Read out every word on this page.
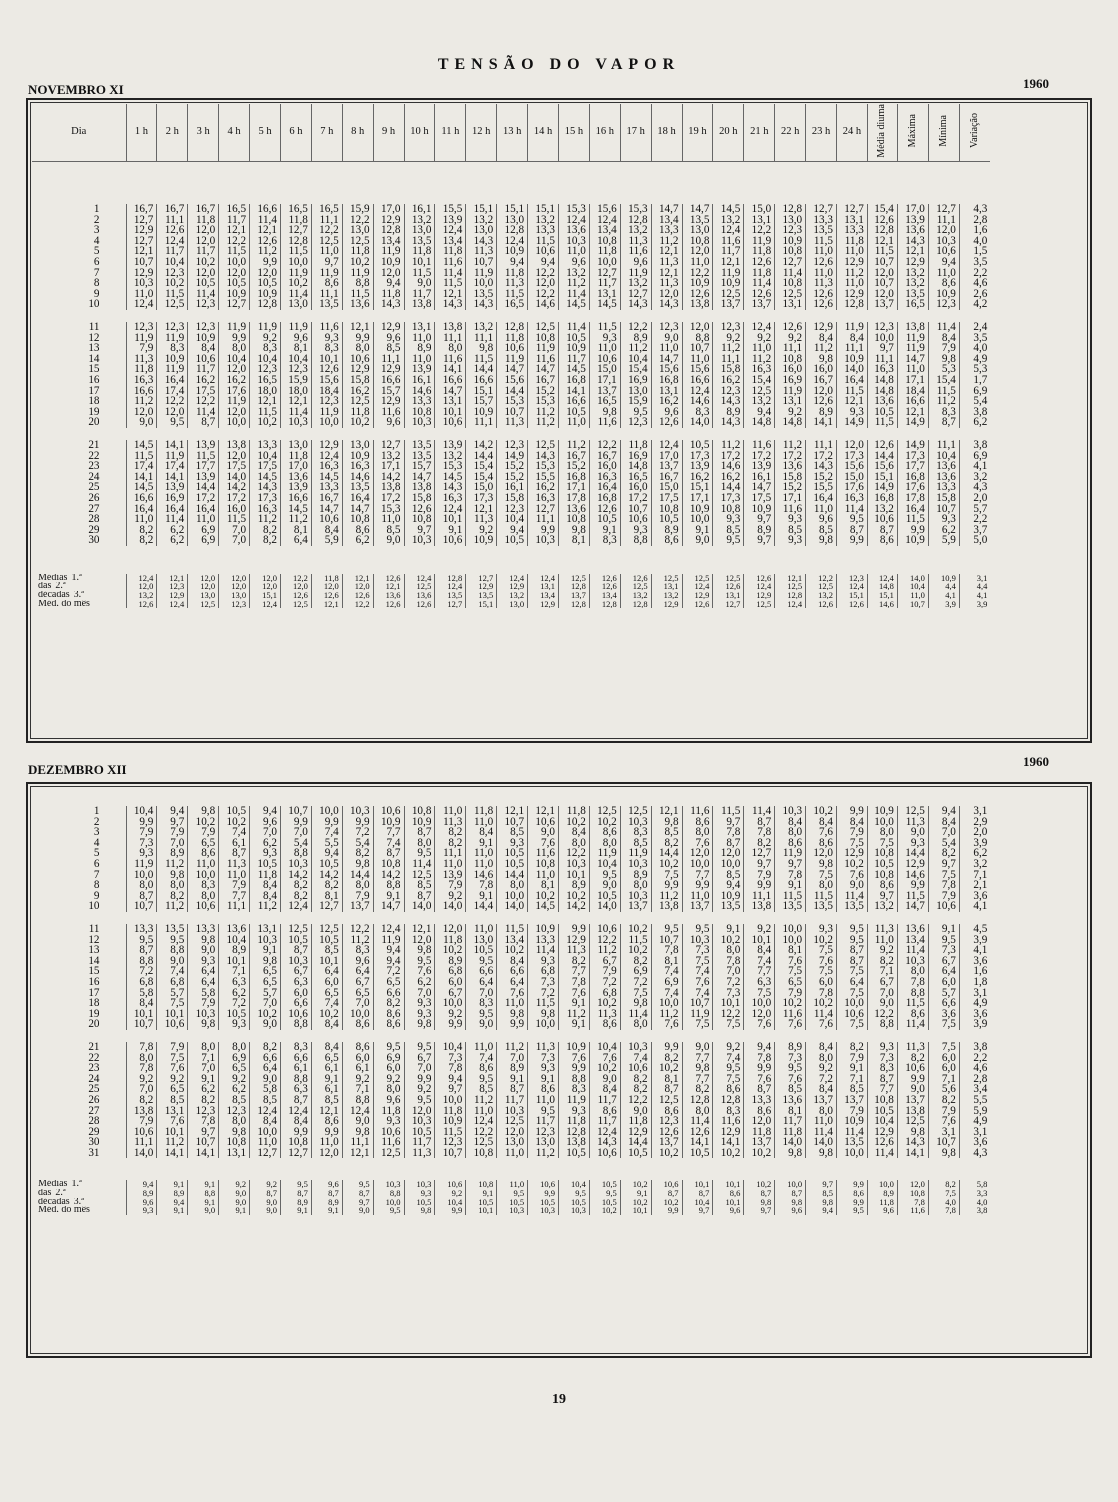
TENSÃO DO VAPOR
NOVEMBRO XI	1960
Dia	1 h	2 h	3 h	4 h	5 h	6 h	7 h	8 h	9 h	10 h	11 h	12 h	13 h	14 h	15 h	16 h	17 h	18 h	19 h	20 h	21 h	22 h	23 h	24 h	Média diurna	Máxima	Mínima	Variação

1	16,7	16,7	16,7	16,5	16,6	16,5	16,5	15,9	17,0	16,1	15,5	15,1	15,1	15,1	15,3	15,6	15,3	14,7	14,7	14,5	15,0	12,8	12,7	12,7	15,4	17,0	12,7	4,3
2	12,7	11,1	11,8	11,7	11,4	11,8	11,1	12,2	12,9	13,2	13,9	13,2	13,0	13,2	12,4	12,4	12,8	13,4	13,5	13,2	13,1	13,0	13,3	13,1	12,6	13,9	11,1	2,8
3	12,9	12,6	12,0	12,1	12,1	12,7	12,2	13,0	12,8	13,0	12,4	13,0	12,8	13,3	13,6	13,4	13,2	13,3	13,0	12,4	12,2	12,3	13,5	13,3	12,8	13,6	12,0	1,6
4	12,7	12,4	12,0	12,2	12,6	12,8	12,5	12,5	13,4	13,5	13,4	14,3	12,4	11,5	10,3	10,8	11,3	11,2	10,8	11,6	11,9	10,9	11,5	11,8	12,1	14,3	10,3	4,0
5	12,1	11,7	11,7	11,5	11,2	11,5	11,0	11,8	11,9	11,8	11,8	11,3	10,9	10,6	11,0	11,8	11,6	12,1	12,0	11,7	11,8	10,8	11,0	11,0	11,5	12,1	10,6	1,5
6	10,7	10,4	10,2	10,0	9,9	10,0	9,7	10,2	10,9	10,1	11,6	10,7	9,4	9,4	9,6	10,0	9,6	11,3	11,0	12,1	12,6	12,7	12,6	12,9	10,7	12,9	9,4	3,5
7	12,9	12,3	12,0	12,0	12,0	11,9	11,9	11,9	12,0	11,5	11,4	11,9	11,8	12,2	13,2	12,7	11,9	12,1	12,2	11,9	11,8	11,4	11,0	11,2	12,0	13,2	11,0	2,2
8	10,3	10,2	10,5	10,5	10,5	10,2	8,6	8,8	9,4	9,0	11,5	10,0	11,3	12,0	11,2	11,7	13,2	11,3	10,9	10,9	11,4	10,8	11,3	11,0	10,7	13,2	8,6	4,6
9	11,0	11,5	11,4	10,9	10,9	11,4	11,1	11,5	11,8	11,7	12,1	13,5	11,5	12,2	11,4	13,1	12,7	12,0	12,6	12,5	12,6	12,5	12,6	12,9	12,0	13,5	10,9	2,6
10	12,4	12,5	12,3	12,7	12,8	13,0	13,5	13,6	14,3	13,8	14,3	14,3	16,5	14,6	14,5	14,5	14,3	14,3	13,8	13,7	13,7	13,1	12,6	12,8	13,7	16,5	12,3	4,2

11	12,3	12,3	12,3	11,9	11,9	11,9	11,6	12,1	12,9	13,1	13,8	13,2	12,8	12,5	11,4	11,5	12,2	12,3	12,0	12,3	12,4	12,6	12,9	11,9	12,3	13,8	11,4	2,4
12	11,9	11,9	10,9	9,9	9,2	9,6	9,3	9,9	9,6	11,0	11,1	11,1	11,8	10,8	10,5	9,3	8,9	9,0	8,8	9,2	9,2	9,2	8,4	8,4	10,0	11,9	8,4	3,5
13	7,9	8,3	8,4	8,0	8,3	8,1	8,3	8,0	8,5	8,9	8,0	9,8	10,6	11,9	10,9	11,0	11,2	11,0	10,7	11,2	11,0	11,1	11,2	11,1	9,7	11,9	7,9	4,0
14	11,3	10,9	10,6	10,4	10,4	10,4	10,1	10,6	11,1	11,0	11,6	11,5	11,9	11,6	11,7	10,6	10,4	14,7	11,0	11,1	11,2	10,8	9,8	10,9	11,1	14,7	9,8	4,9
15	11,8	11,9	11,7	12,0	12,3	12,3	12,6	12,9	12,9	13,9	14,1	14,4	14,7	14,7	14,5	15,0	15,4	15,6	15,6	15,8	16,3	16,0	16,0	14,0	16,3	11,0	5,3	5,3
16	16,3	16,4	16,2	16,2	16,5	15,9	15,6	15,8	16,6	16,1	16,6	16,6	15,6	16,7	16,8	17,1	16,9	16,8	16,6	16,2	15,4	16,9	16,7	16,4	14,8	17,1	15,4	1,7
17	16,6	17,4	17,5	17,6	18,0	18,0	18,4	16,2	15,7	14,6	14,7	15,1	14,4	15,2	14,1	13,7	13,0	13,1	12,4	12,3	12,5	11,9	12,0	11,5	14,8	18,4	11,5	6,9
18	11,2	12,2	12,2	11,9	12,1	12,1	12,3	12,5	12,9	13,3	13,1	15,7	15,3	15,3	16,6	16,5	15,9	16,2	14,6	14,3	13,2	13,1	12,6	12,1	13,6	16,6	11,2	5,4
19	12,0	12,0	11,4	12,0	11,5	11,4	11,9	11,8	11,6	10,8	10,1	10,9	10,7	11,2	10,5	9,8	9,5	9,6	8,3	8,9	9,4	9,2	8,9	9,3	10,5	12,1	8,3	3,8
20	9,0	9,5	8,7	10,0	10,2	10,3	10,0	10,2	9,6	10,3	10,6	11,1	11,3	11,2	11,0	11,6	12,3	12,6	14,0	14,3	14,8	14,8	14,1	14,9	11,5	14,9	8,7	6,2

21	14,5	14,1	13,9	13,8	13,3	13,0	12,9	13,0	12,7	13,5	13,9	14,2	12,3	12,5	11,2	12,2	11,8	12,4	10,5	11,2	11,6	11,2	11,1	12,0	12,6	14,9	11,1	3,8
22	11,5	11,9	11,5	12,0	10,4	11,8	12,4	10,9	13,2	13,5	13,2	14,4	14,9	14,3	16,7	16,7	16,9	17,0	17,3	17,2	17,2	17,2	17,2	17,3	14,4	17,3	10,4	6,9
23	17,4	17,4	17,7	17,5	17,5	17,0	16,3	16,3	17,1	15,7	15,3	15,4	15,2	15,3	15,2	16,0	14,8	13,7	13,9	14,6	13,9	13,6	14,3	15,6	15,6	17,7	13,6	4,1
24	14,1	14,1	13,9	14,0	14,5	13,6	14,5	14,6	14,2	14,7	14,5	15,4	15,2	15,5	16,8	16,3	16,5	16,7	16,2	16,2	16,1	15,8	15,2	15,0	15,1	16,8	13,6	3,2
25	14,5	13,9	14,4	14,2	14,3	13,9	13,3	13,5	13,8	13,8	14,3	15,0	16,1	16,2	17,1	16,4	16,0	15,0	15,1	14,4	14,7	15,2	15,5	17,6	14,9	17,6	13,3	4,3
26	16,6	16,9	17,2	17,2	17,3	16,6	16,7	16,4	17,2	15,8	16,3	17,3	15,8	16,3	17,8	16,8	17,2	17,5	17,1	17,3	17,5	17,1	16,4	16,3	16,8	17,8	15,8	2,0
27	16,4	16,4	16,4	16,0	16,3	14,5	14,7	14,7	15,3	12,6	12,4	12,1	12,3	12,7	13,6	12,6	10,7	10,8	10,9	10,8	10,9	11,6	11,0	11,4	13,2	16,4	10,7	5,7
28	11,0	11,4	11,0	11,5	11,2	11,2	10,6	10,8	11,0	10,8	10,1	11,3	10,4	11,1	10,8	10,5	10,6	10,5	10,0	9,3	9,7	9,3	9,6	9,5	10,6	11,5	9,3	2,2
29	8,2	6,2	6,9	7,0	8,2	8,1	8,4	8,6	8,5	9,7	9,1	9,2	9,4	9,9	9,8	9,1	9,3	8,9	9,1	8,5	8,9	8,5	8,5	8,7	8,7	9,9	6,2	3,7
30	8,2	6,2	6,9	7,0	8,2	6,4	5,9	6,2	9,0	10,3	10,6	10,9	10,5	10,3	8,1	8,3	8,8	8,6	9,0	9,5	9,7	9,3	9,8	9,9	8,6	10,9	5,9	5,0

Médias 1.ª	12,4	12,1	12,0	12,0	12,0	12,2	11,8	12,1	12,6	12,4	12,8	12,7	12,4	12,4	12,5	12,6	12,6	12,5	12,5	12,5	12,6	12,1	12,2	12,3	12,4	14,0	10,9	3,1
das 2.ª	12,0	12,3	12,0	12,0	12,0	12,0	12,0	12,0	12,1	12,5	12,4	12,9	12,9	13,1	12,8	12,6	12,5	13,1	12,4	12,6	12,4	12,5	12,5	12,4	14,8	10,4	4,4	4,4
décadas 3.ª	13,2	12,9	13,0	13,0	15,1	12,6	12,6	12,6	13,6	13,6	13,5	13,5	13,2	13,4	13,7	13,4	13,2	13,2	12,9	13,1	12,9	12,8	13,2	15,1	15,1	11,0	4,1	4,1
Méd. do mês	12,6	12,4	12,5	12,3	12,4	12,5	12,1	12,2	12,6	12,6	12,7	15,1	13,0	12,9	12,8	12,8	12,8	12,9	12,6	12,7	12,5	12,4	12,6	12,6	14,6	10,7	3,9	3,9
DEZEMBRO XII
1960

1	10,4	9,4	9,8	10,5	9,4	10,7	10,0	10,3	10,6	10,8	11,0	11,8	12,1	12,1	11,8	12,5	12,5	12,1	11,6	11,5	11,4	10,3	10,2	9,9	10,9	12,5	9,4	3,1
2	9,9	9,7	10,2	10,2	9,6	9,9	9,9	9,9	10,9	10,9	11,3	11,0	10,7	10,6	10,2	10,2	10,3	9,8	8,6	9,7	8,7	8,4	8,4	8,4	10,0	11,3	8,4	2,9
3	7,9	7,9	7,9	7,4	7,0	7,0	7,4	7,2	7,7	8,7	8,2	8,4	8,5	9,0	8,4	8,6	8,3	8,5	8,0	7,8	7,8	8,0	7,6	7,9	8,0	9,0	7,0	2,0
4	7,3	7,0	6,5	6,1	6,2	5,4	5,5	5,4	7,4	8,0	8,2	9,1	9,3	7,6	8,0	8,0	8,5	8,2	7,6	8,7	8,2	8,6	8,6	7,5	7,5	9,3	5,4	3,9
5	9,3	8,9	8,6	8,7	9,3	8,8	9,4	8,2	8,7	9,5	11,1	11,0	10,5	11,6	12,2	11,9	11,9	14,4	12,0	12,0	12,7	11,9	12,0	12,9	10,8	14,4	8,2	6,2
6	11,9	11,2	11,0	11,3	10,5	10,3	10,5	9,8	10,8	11,4	11,0	11,0	10,5	10,8	10,3	10,4	10,3	10,2	10,0	10,0	9,7	9,7	9,8	10,2	10,5	12,9	9,7	3,2
7	10,0	9,8	10,0	11,0	11,8	14,2	14,2	14,4	14,2	12,5	13,9	14,6	14,4	11,0	10,1	9,5	8,9	7,5	7,7	8,5	7,9	7,8	7,5	7,6	10,8	14,6	7,5	7,1
8	8,0	8,0	8,3	7,9	8,4	8,2	8,2	8,0	8,8	8,5	7,9	7,8	8,0	8,1	8,9	9,0	8,0	9,9	9,9	9,4	9,9	9,1	8,0	9,0	8,6	9,9	7,8	2,1
9	8,7	8,2	8,0	7,7	8,4	8,2	8,1	7,9	9,1	8,7	9,2	9,1	10,0	10,2	10,2	10,5	10,3	11,2	11,0	10,9	11,1	11,5	11,5	11,4	9,7	11,5	7,9	3,6
10	10,7	11,2	10,6	11,1	11,2	12,4	12,7	13,7	14,7	14,0	14,0	14,4	14,0	14,5	14,2	14,0	13,7	13,8	13,7	13,5	13,8	13,5	13,5	13,5	13,2	14,7	10,6	4,1

11	13,3	13,5	13,3	13,6	13,1	12,5	12,5	12,2	12,4	12,1	12,0	11,0	11,5	10,9	9,9	10,6	10,2	9,5	9,5	9,1	9,2	10,0	9,3	9,5	11,3	13,6	9,1	4,5
12	9,5	9,5	9,8	10,4	10,3	10,5	10,5	11,2	11,9	12,0	11,8	13,0	13,4	13,3	12,9	12,2	11,5	10,7	10,3	10,2	10,1	10,0	10,2	9,5	11,0	13,4	9,5	3,9
13	8,7	8,8	9,0	8,9	9,1	8,7	8,5	8,3	9,4	9,8	10,2	10,5	10,2	11,4	11,3	11,2	10,2	7,8	7,3	8,0	8,4	8,1	7,5	8,7	9,2	11,4	7,3	4,1
14	8,8	9,0	9,3	10,1	9,8	10,3	10,1	9,6	9,4	9,5	8,9	9,5	8,4	9,3	8,2	6,7	8,2	8,1	7,5	7,8	7,4	7,6	7,6	8,7	8,2	10,3	6,7	3,6
15	7,2	7,4	6,4	7,1	6,5	6,7	6,4	6,4	7,2	7,6	6,8	6,6	6,6	6,8	7,7	7,9	6,9	7,4	7,4	7,0	7,7	7,5	7,5	7,5	7,1	8,0	6,4	1,6
16	6,8	6,8	6,4	6,3	6,5	6,3	6,0	6,7	6,5	6,2	6,0	6,4	6,4	7,3	7,8	7,2	7,2	6,9	7,6	7,2	6,3	6,5	6,0	6,4	6,7	7,8	6,0	1,8
17	5,8	5,7	5,8	6,2	5,7	6,0	6,5	6,5	6,6	7,0	6,7	7,0	7,6	7,2	7,6	6,8	7,5	7,4	7,4	7,3	7,5	7,9	7,8	7,5	7,0	8,8	5,7	3,1
18	8,4	7,5	7,9	7,2	7,0	6,6	7,4	7,0	8,2	9,3	10,0	8,3	11,0	11,5	9,1	10,2	9,8	10,0	10,7	10,1	10,0	10,2	10,2	10,0	9,0	11,5	6,6	4,9
19	10,1	10,1	10,3	10,5	10,2	10,6	10,2	10,0	8,6	9,3	9,2	9,5	9,8	9,8	11,2	11,3	11,4	11,2	11,9	12,2	12,0	11,6	11,4	10,6	12,2	8,6	3,6	3,6
20	10,7	10,6	9,8	9,3	9,0	8,8	8,4	8,6	8,6	9,8	9,9	9,0	9,9	10,0	9,1	8,6	8,0	7,6	7,5	7,5	7,6	7,6	7,6	7,5	8,8	11,4	7,5	3,9

21	7,8	7,9	8,0	8,0	8,2	8,3	8,4	8,6	9,5	9,5	10,4	11,0	11,2	11,3	10,9	10,4	10,3	9,9	9,0	9,2	9,4	8,9	8,4	8,2	9,3	11,3	7,5	3,8
22	8,0	7,5	7,1	6,9	6,6	6,6	6,5	6,0	6,9	6,7	7,3	7,4	7,0	7,3	7,6	7,6	7,4	8,2	7,7	7,4	7,8	7,3	8,0	7,9	7,3	8,2	6,0	2,2
23	7,8	7,6	7,0	6,5	6,4	6,1	6,1	6,1	6,0	7,0	7,8	8,6	8,9	9,3	9,9	10,2	10,6	10,2	9,8	9,5	9,9	9,5	9,2	9,1	8,3	10,6	6,0	4,6
24	9,2	9,2	9,1	9,2	9,0	8,8	9,1	9,2	9,2	9,9	9,4	9,5	9,1	9,1	8,8	9,0	8,2	8,1	7,7	7,5	7,6	7,6	7,2	7,1	8,7	9,9	7,1	2,8
25	7,0	6,5	6,2	6,2	5,8	6,3	6,1	7,1	8,0	9,2	9,7	8,5	8,7	8,6	8,3	8,4	8,2	8,7	8,2	8,6	8,7	8,5	8,4	8,5	7,7	9,0	5,6	3,4
26	8,2	8,5	8,2	8,5	8,5	8,7	8,5	8,8	9,6	9,5	10,0	11,2	11,7	11,0	11,9	11,7	12,2	12,5	12,8	12,8	13,3	13,6	13,7	13,7	10,8	13,7	8,2	5,5
27	13,8	13,1	12,3	12,3	12,4	12,4	12,1	12,4	11,8	12,0	11,8	11,0	10,3	9,5	9,3	8,6	9,0	8,6	8,0	8,3	8,6	8,1	8,0	7,9	10,5	13,8	7,9	5,9
28	7,9	7,6	7,8	8,0	8,4	8,4	8,6	9,0	9,3	10,3	10,9	12,4	12,5	11,7	11,8	11,7	11,8	12,3	11,4	11,6	12,0	11,7	11,0	10,9	10,4	12,5	7,6	4,9
29	10,6	10,1	9,7	9,8	10,0	9,9	9,9	9,8	10,6	10,5	11,5	12,2	12,0	12,3	12,8	12,4	12,9	12,6	12,6	12,9	11,8	11,8	11,4	11,4	12,9	9,8	3,1	3,1
30	11,1	11,2	10,7	10,8	11,0	10,8	11,0	11,1	11,6	11,7	12,3	12,5	13,0	13,0	13,8	14,3	14,4	13,7	14,1	14,1	13,7	14,0	14,0	13,5	12,6	14,3	10,7	3,6
31	14,0	14,1	14,1	13,1	12,7	12,7	12,0	12,1	12,5	11,3	10,7	10,8	11,0	11,2	10,5	10,6	10,5	10,2	10,5	10,2	10,2	9,8	9,8	10,0	11,4	14,1	9,8	4,3

Médias 1.ª	9,4	9,1	9,1	9,2	9,2	9,5	9,6	9,5	10,3	10,3	10,6	10,8	11,0	10,6	10,4	10,5	10,2	10,6	10,1	10,1	10,2	10,0	9,7	9,9	10,0	12,0	8,2	5,8
das 2.ª	8,9	8,9	8,8	9,0	8,7	8,7	8,7	8,7	8,8	9,3	9,2	9,1	9,5	9,9	9,5	9,5	9,1	8,7	8,7	8,6	8,7	8,7	8,5	8,6	8,9	10,8	7,5	3,3
décadas 3.ª	9,6	9,4	9,1	9,0	9,0	8,9	8,9	9,7	10,0	10,5	10,4	10,5	10,5	10,5	10,5	10,5	10,2	10,2	10,4	10,1	9,8	9,8	9,8	9,9	11,8	7,8	4,0	4,0
Méd. do mês	9,3	9,1	9,0	9,1	9,0	9,1	9,1	9,0	9,5	9,8	9,9	10,1	10,3	10,3	10,3	10,2	10,1	9,9	9,7	9,6	9,7	9,6	9,4	9,5	9,6	11,6	7,8	3,8
19
